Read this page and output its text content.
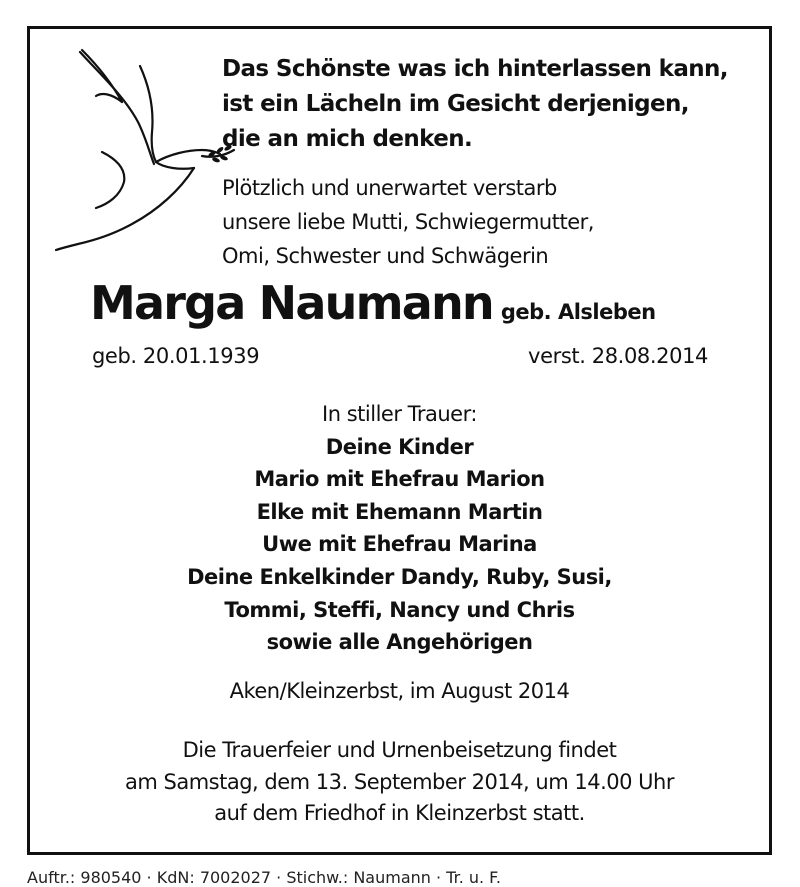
Das Schönste was ich hinterlassen kann,
ist ein Lächeln im Gesicht derjenigen,
die an mich denken.
Plötzlich und unerwartet verstarb
unsere liebe Mutti, Schwiegermutter,
Omi, Schwester und Schwägerin
Marga Naumann geb. Alsleben
geb. 20.01.1939	verst. 28.08.2014
In stiller Trauer:
Deine Kinder
Mario mit Ehefrau Marion
Elke mit Ehemann Martin
Uwe mit Ehefrau Marina
Deine Enkelkinder Dandy, Ruby, Susi,
Tommi, Steffi, Nancy und Chris
sowie alle Angehörigen
Aken/Kleinzerbst, im August 2014
Die Trauerfeier und Urnenbeisetzung findet
am Samstag, dem 13. September 2014, um 14.00 Uhr
auf dem Friedhof in Kleinzerbst statt.
Auftr.: 980540 · KdN: 7002027 · Stichw.: Naumann · Tr. u. F.
